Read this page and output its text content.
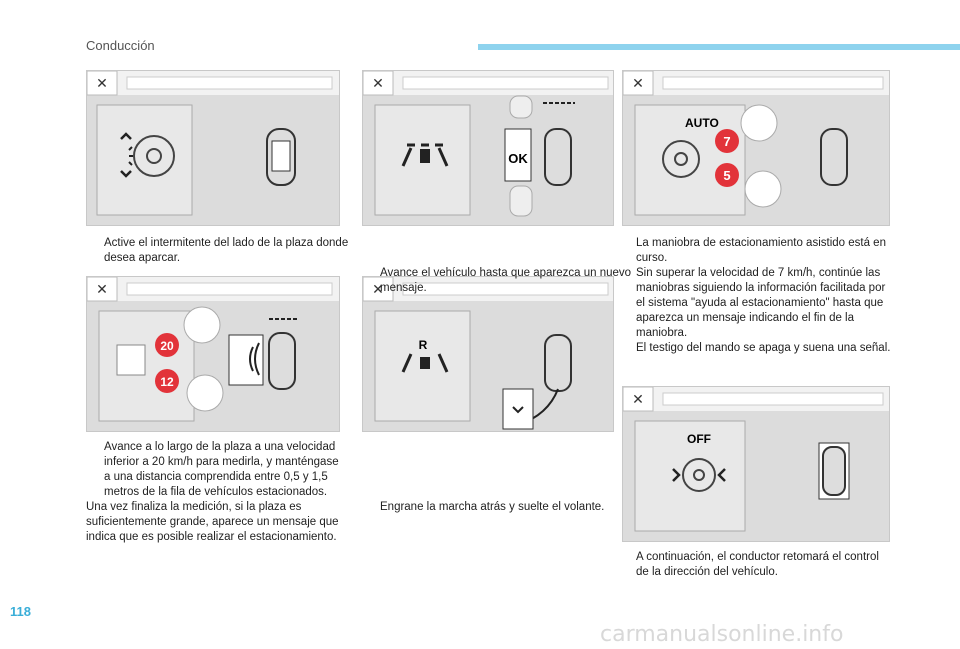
Conducción
✕	✕
OK
✕
AUTO
7
5
✕
20
12
✕
R
✕
OFF
Active el intermitente del lado de la plaza donde desea aparcar.
Avance el vehículo hasta que aparezca un nuevo mensaje.
La maniobra de estacionamiento asistido está en curso.
Sin superar la velocidad de 7 km/h, continúe las maniobras siguiendo la información facilitada por el sistema "ayuda al estacionamiento" hasta que aparezca un mensaje indicando el fin de la maniobra.
El testigo del mando se apaga y suena una señal.
Avance a lo largo de la plaza a una velocidad inferior a 20 km/h para medirla, y manténgase a una distancia comprendida entre 0,5 y 1,5 metros de la fila de vehículos estacionados.
Una vez finaliza la medición, si la plaza es suficientemente grande, aparece un mensaje que indica que es posible realizar el estacionamiento.
Engrane la marcha atrás y suelte el volante.
A continuación, el conductor retomará el control de la dirección del vehículo.
118
carmanualsonline.info
